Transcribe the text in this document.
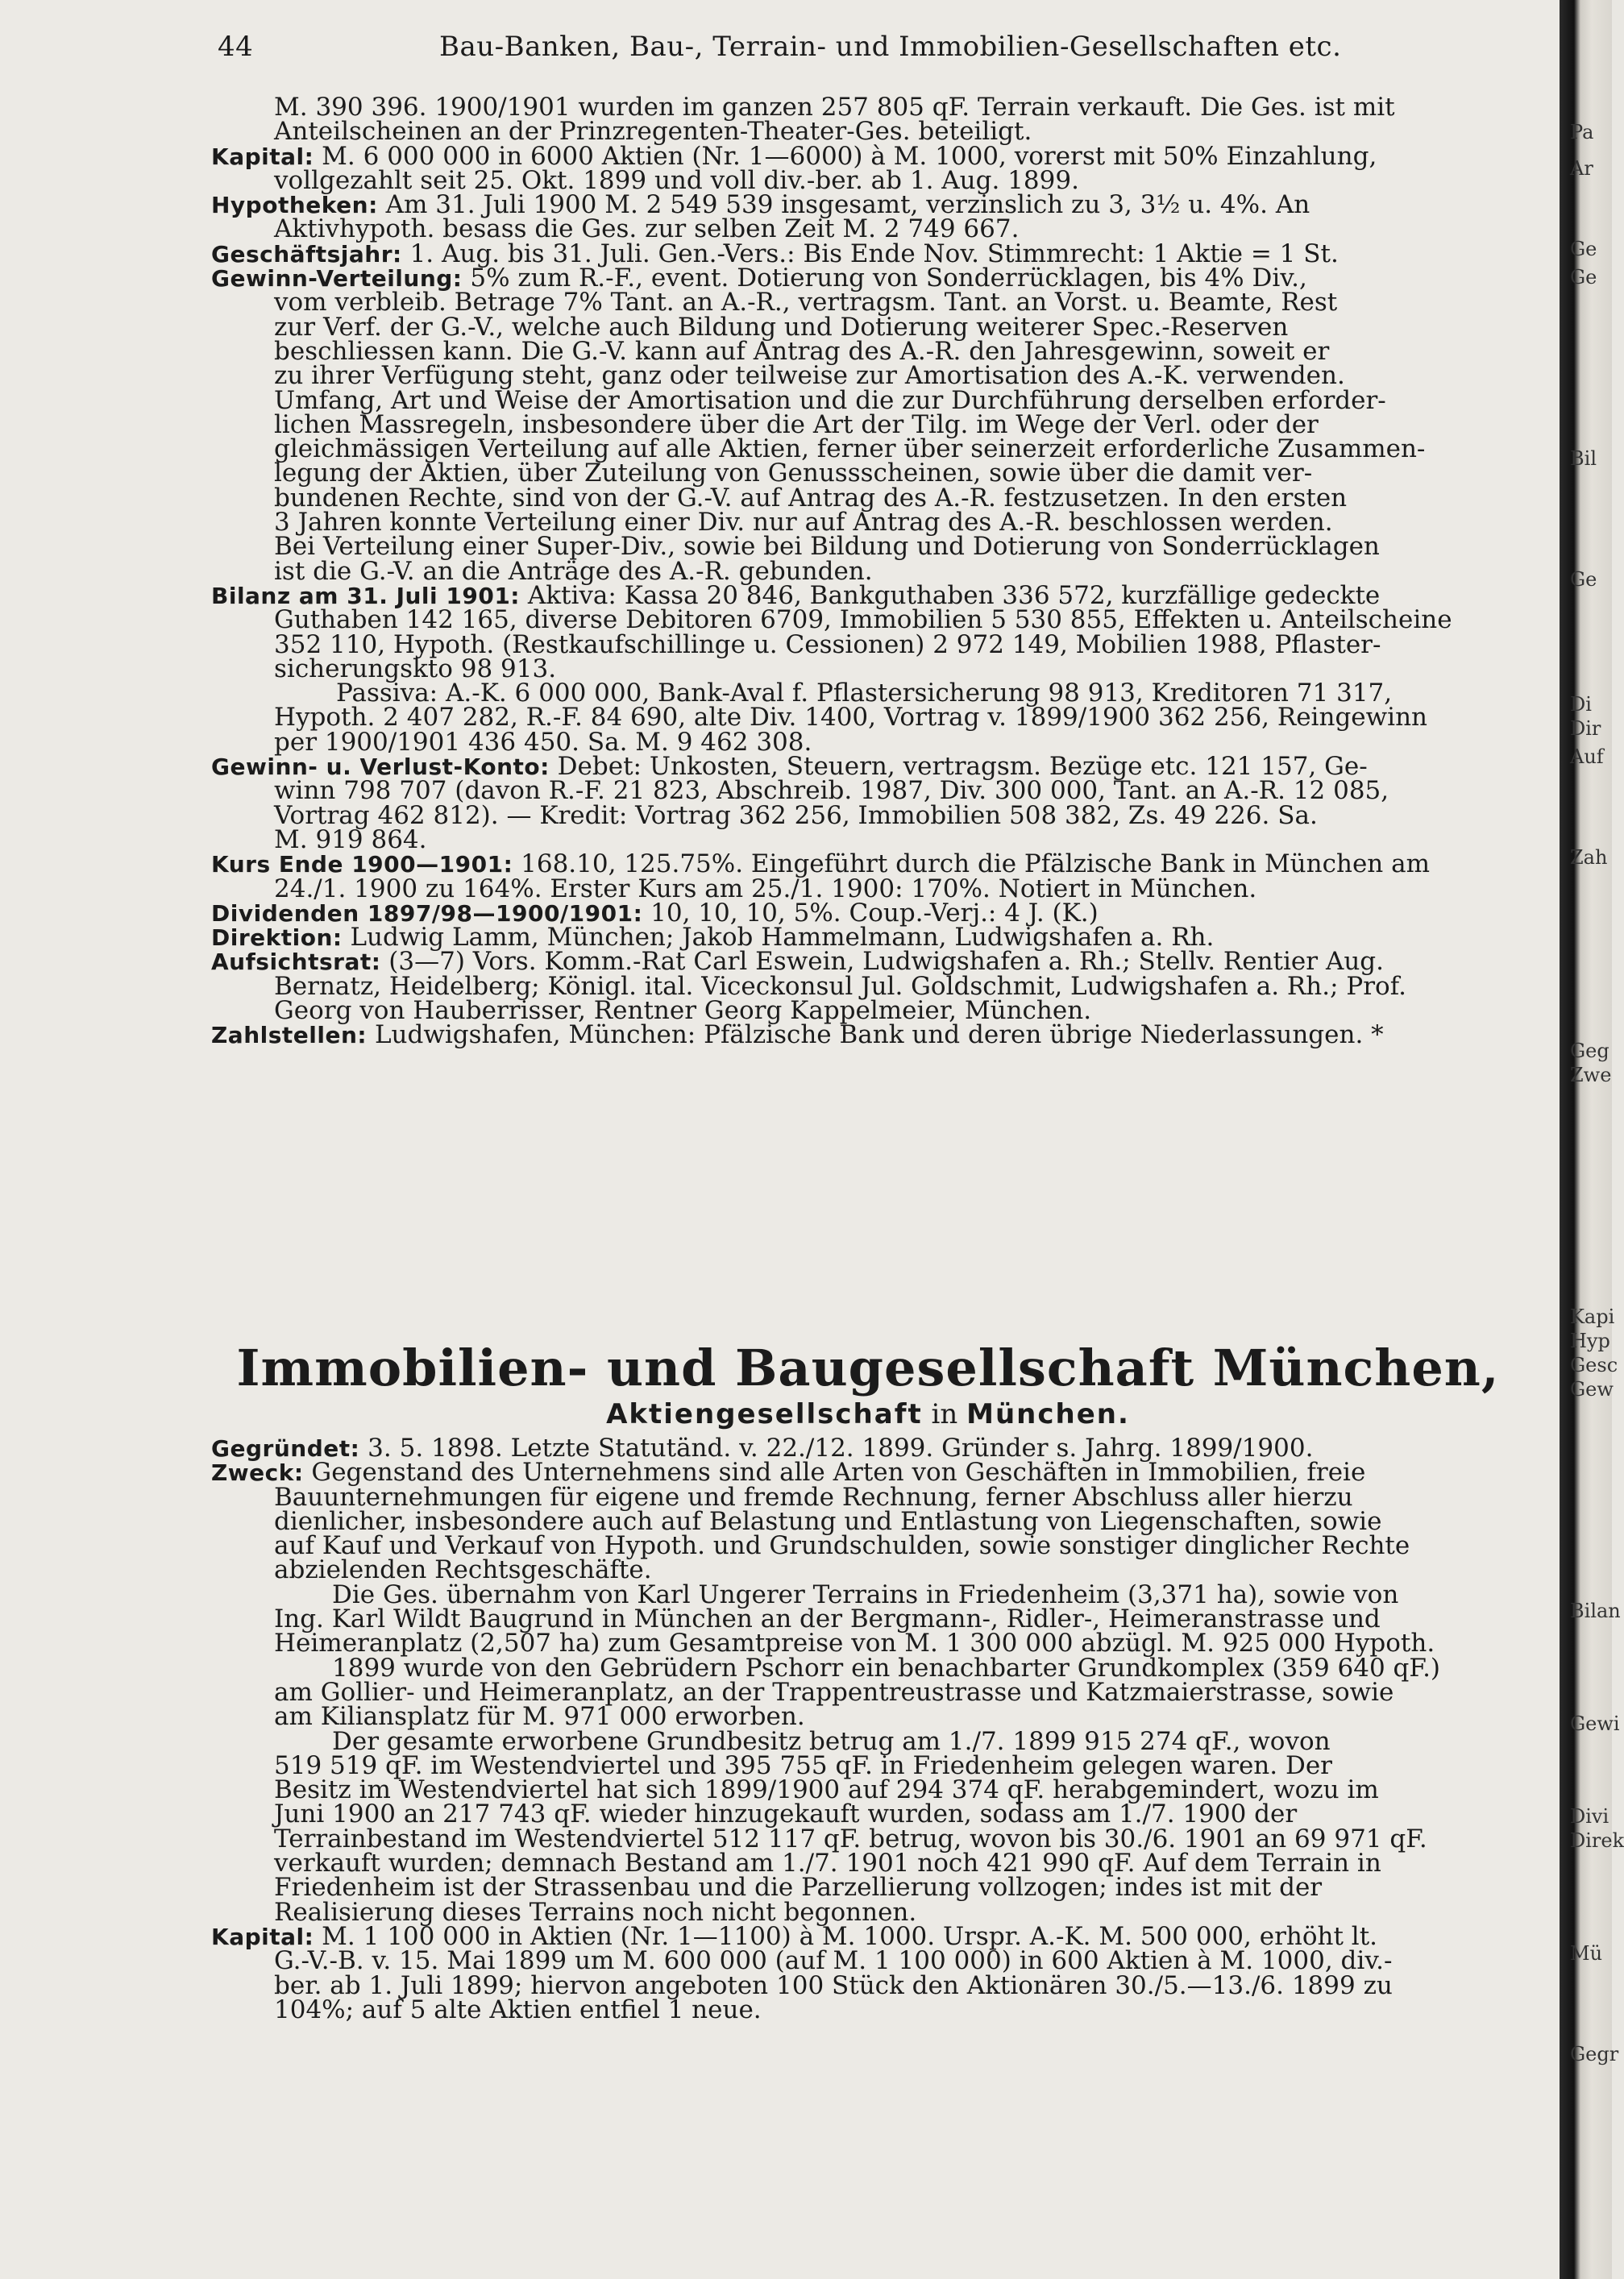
44	Bau-Banken, Bau-, Terrain- und Immobilien-Gesellschaften etc.
M. 390 396. 1900/1901 wurden im ganzen 257 805 qF. Terrain verkauft. Die Ges. ist mit
Anteilscheinen an der Prinzregenten-Theater-Ges. beteiligt.
Kapital: M. 6 000 000 in 6000 Aktien (Nr. 1—6000) à M. 1000, vorerst mit 50% Einzahlung,
vollgezahlt seit 25. Okt. 1899 und voll div.-ber. ab 1. Aug. 1899.
Hypotheken: Am 31. Juli 1900 M. 2 549 539 insgesamt, verzinslich zu 3, 3½ u. 4%. An
Aktivhypoth. besass die Ges. zur selben Zeit M. 2 749 667.
Geschäftsjahr: 1. Aug. bis 31. Juli. Gen.-Vers.: Bis Ende Nov. Stimmrecht: 1 Aktie = 1 St.
Gewinn-Verteilung: 5% zum R.-F., event. Dotierung von Sonderrücklagen, bis 4% Div.,
vom verbleib. Betrage 7% Tant. an A.-R., vertragsm. Tant. an Vorst. u. Beamte, Rest
zur Verf. der G.-V., welche auch Bildung und Dotierung weiterer Spec.-Reserven
beschliessen kann. Die G.-V. kann auf Antrag des A.-R. den Jahresgewinn, soweit er
zu ihrer Verfügung steht, ganz oder teilweise zur Amortisation des A.-K. verwenden.
Umfang, Art und Weise der Amortisation und die zur Durchführung derselben erforder-
lichen Massregeln, insbesondere über die Art der Tilg. im Wege der Verl. oder der
gleichmässigen Verteilung auf alle Aktien, ferner über seinerzeit erforderliche Zusammen-
legung der Aktien, über Zuteilung von Genussscheinen, sowie über die damit ver-
bundenen Rechte, sind von der G.-V. auf Antrag des A.-R. festzusetzen. In den ersten
3 Jahren konnte Verteilung einer Div. nur auf Antrag des A.-R. beschlossen werden.
Bei Verteilung einer Super-Div., sowie bei Bildung und Dotierung von Sonderrücklagen
ist die G.-V. an die Anträge des A.-R. gebunden.
Bilanz am 31. Juli 1901: Aktiva: Kassa 20 846, Bankguthaben 336 572, kurzfällige gedeckte
Guthaben 142 165, diverse Debitoren 6709, Immobilien 5 530 855, Effekten u. Anteilscheine
352 110, Hypoth. (Restkaufschillinge u. Cessionen) 2 972 149, Mobilien 1988, Pflaster-
sicherungskto 98 913.
Passiva: A.-K. 6 000 000, Bank-Aval f. Pflastersicherung 98 913, Kreditoren 71 317,
Hypoth. 2 407 282, R.-F. 84 690, alte Div. 1400, Vortrag v. 1899/1900 362 256, Reingewinn
per 1900/1901 436 450. Sa. M. 9 462 308.
Gewinn- u. Verlust-Konto: Debet: Unkosten, Steuern, vertragsm. Bezüge etc. 121 157, Ge-
winn 798 707 (davon R.-F. 21 823, Abschreib. 1987, Div. 300 000, Tant. an A.-R. 12 085,
Vortrag 462 812). — Kredit: Vortrag 362 256, Immobilien 508 382, Zs. 49 226. Sa.
M. 919 864.
Kurs Ende 1900—1901: 168.10, 125.75%. Eingeführt durch die Pfälzische Bank in München am
24./1. 1900 zu 164%. Erster Kurs am 25./1. 1900: 170%. Notiert in München.
Dividenden 1897/98—1900/1901: 10, 10, 10, 5%. Coup.-Verj.: 4 J. (K.)
Direktion: Ludwig Lamm, München; Jakob Hammelmann, Ludwigshafen a. Rh.
Aufsichtsrat: (3—7) Vors. Komm.-Rat Carl Eswein, Ludwigshafen a. Rh.; Stellv. Rentier Aug.
Bernatz, Heidelberg; Königl. ital. Viceckonsul Jul. Goldschmit, Ludwigshafen a. Rh.; Prof.
Georg von Hauberrisser, Rentner Georg Kappelmeier, München.
Zahlstellen: Ludwigshafen, München: Pfälzische Bank und deren übrige Niederlassungen. *
Immobilien- und Baugesellschaft München,
Aktiengesellschaft in München.
Gegründet: 3. 5. 1898. Letzte Statutänd. v. 22./12. 1899. Gründer s. Jahrg. 1899/1900.
Zweck: Gegenstand des Unternehmens sind alle Arten von Geschäften in Immobilien, freie
Bauunternehmungen für eigene und fremde Rechnung, ferner Abschluss aller hierzu
dienlicher, insbesondere auch auf Belastung und Entlastung von Liegenschaften, sowie
auf Kauf und Verkauf von Hypoth. und Grundschulden, sowie sonstiger dinglicher Rechte
abzielenden Rechtsgeschäfte.
Die Ges. übernahm von Karl Ungerer Terrains in Friedenheim (3,371 ha), sowie von
Ing. Karl Wildt Baugrund in München an der Bergmann-, Ridler-, Heimeranstrasse und
Heimeranplatz (2,507 ha) zum Gesamtpreise von M. 1 300 000 abzügl. M. 925 000 Hypoth.
1899 wurde von den Gebrüdern Pschorr ein benachbarter Grundkomplex (359 640 qF.)
am Gollier- und Heimeranplatz, an der Trappentreustrasse und Katzmaierstrasse, sowie
am Kiliansplatz für M. 971 000 erworben.
Der gesamte erworbene Grundbesitz betrug am 1./7. 1899 915 274 qF., wovon
519 519 qF. im Westendviertel und 395 755 qF. in Friedenheim gelegen waren. Der
Besitz im Westendviertel hat sich 1899/1900 auf 294 374 qF. herabgemindert, wozu im
Juni 1900 an 217 743 qF. wieder hinzugekauft wurden, sodass am 1./7. 1900 der
Terrainbestand im Westendviertel 512 117 qF. betrug, wovon bis 30./6. 1901 an 69 971 qF.
verkauft wurden; demnach Bestand am 1./7. 1901 noch 421 990 qF. Auf dem Terrain in
Friedenheim ist der Strassenbau und die Parzellierung vollzogen; indes ist mit der
Realisierung dieses Terrains noch nicht begonnen.
Kapital: M. 1 100 000 in Aktien (Nr. 1—1100) à M. 1000. Urspr. A.-K. M. 500 000, erhöht lt.
G.-V.-B. v. 15. Mai 1899 um M. 600 000 (auf M. 1 100 000) in 600 Aktien à M. 1000, div.-
ber. ab 1. Juli 1899; hiervon angeboten 100 Stück den Aktionären 30./5.—13./6. 1899 zu
104%; auf 5 alte Aktien entfiel 1 neue.
Pa
Ar
Ge
Ge
Bil
Ge
Di
Dir
Auf
Zah
Geg
Zwe
Kapi
Hyp
Gesc
Gew
Bilan
Gewi
Divi
Direk
Mü
Gegr
